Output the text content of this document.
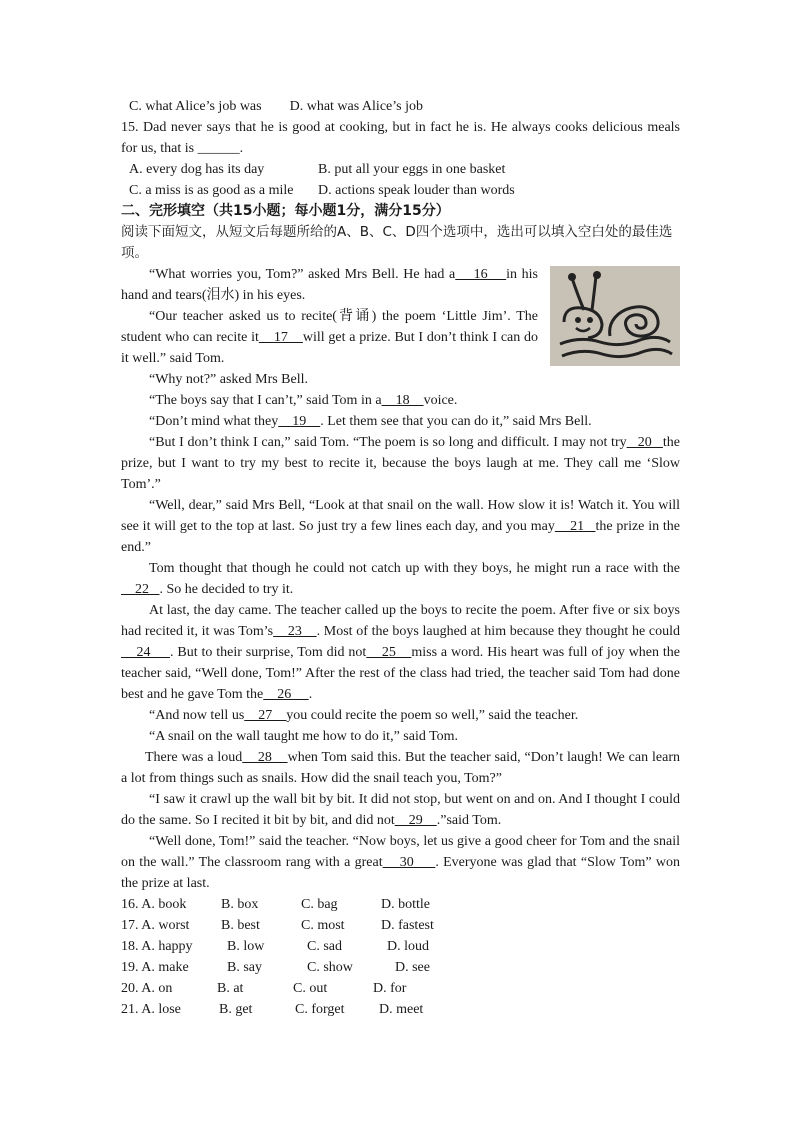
C. what Alice’s job was D. what was Alice’s job

15. Dad never says that he is good at cooking, but in fact he is. He always cooks delicious meals for us, that is ______.

A. every dog has its day	B. put all your eggs in one basket

C. a miss is as good as a mile D. actions speak louder than words

二、完形填空（共15小题；每小题1分，满分15分）

阅读下面短文，从短文后每题所给的A、B、C、D四个选项中，选出可以填入空白处的最佳选项。

“What worries you, Tom?” asked Mrs Bell. He had a    16    in his hand and tears(泪水) in his eyes.

“Our teacher asked us to recite(背诵) the poem ‘Little Jim’. The student who can recite it    17    will get a prize. But I don’t think I can do it well.” said Tom.

“Why not?” asked Mrs Bell.

“The boys say that I can’t,” said Tom in a    18    voice.

“Don’t mind what they    19    . Let them see that you can do it,” said Mrs Bell.

“But I don’t think I can,” said Tom. “The poem is so long and difficult. I may not try   20   the prize, but I want to try my best to recite it, because the boys laugh at me. They call me ‘Slow Tom’.”

“Well, dear,” said Mrs Bell, “Look at that snail on the wall. How slow it is! Watch it. You will see it will get to the top at last. So just try a few lines each day, and you may    21   the prize in the end.”

Tom thought that though he could not catch up with they boys, he might run a race with the    22   . So he decided to try it.

At last, the day came. The teacher called up the boys to recite the poem. After five or six boys had recited it, it was Tom’s    23    . Most of the boys laughed at him because they thought he could    24     . But to their surprise, Tom did not    25    miss a word. His heart was full of joy when the teacher said, “Well done, Tom!” After the rest of the class had tried, the teacher said Tom had done best and he gave Tom the    26     .

“And now tell us    27    you could recite the poem so well,” said the teacher.

“A snail on the wall taught me how to do it,” said Tom.

There was a loud    28    when Tom said this. But the teacher said, “Don’t laugh! We can learn a lot from things such as snails. How did the snail teach you, Tom?”

“I saw it crawl up the wall bit by bit. It did not stop, but went on and on. And I thought I could do the same. So I recited it bit by bit, and did not    29    .”said Tom.

“Well done, Tom!” said the teacher. “Now boys, let us give a good cheer for Tom and the snail on the wall.” The classroom rang with a great    30     . Everyone was glad that “Slow Tom” won the prize at last.

16. A. book B. box	C. bag	D. bottle

17. A. worst B. best	C. most	D. fastest

18. A. happy B. low	C. sad	D. loud

19. A. make	B. say	C. show	D. see

20. A. on	B. at	C. out	D. for

21. A. lose	B. get	C. forget D. meet
